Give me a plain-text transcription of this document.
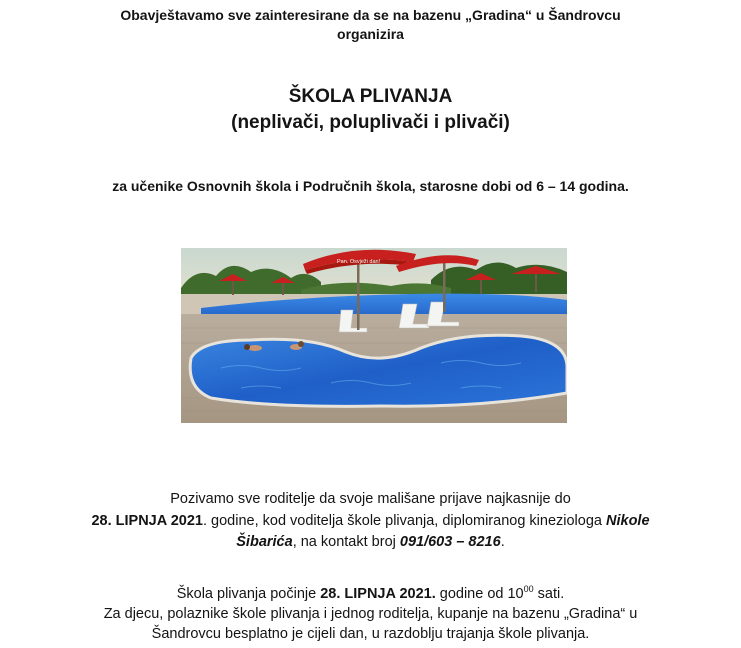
Obavještavamo sve zainteresirane da se na bazenu „Gradina“ u Šandrovcu
organizira
ŠKOLA PLIVANJA
(neplivači, polupl​ivači i plivači)
za učenike Osnovnih škola i Područnih škola, starosne dobi od 6 – 14 godina.
Pan. Osvježi dan!
Pozivamo sve roditelje da svoje mališane prijave najkasnije do
28. LIPNJA 2021. godine, kod voditelja škole plivanja, diplomiranog kineziologa Nikole
Šibarića, na kontakt broj 091/603 – 8216.
Škola plivanja počinje 28. LIPNJA 2021. godine od $10^{00}$ sati.
Za djecu, polaznike škole plivanja i jednog roditelja, kupanje na bazenu „Gradina“ u
Šandrovcu besplatno je cijeli dan, u razdoblju trajanja škole plivanja.
